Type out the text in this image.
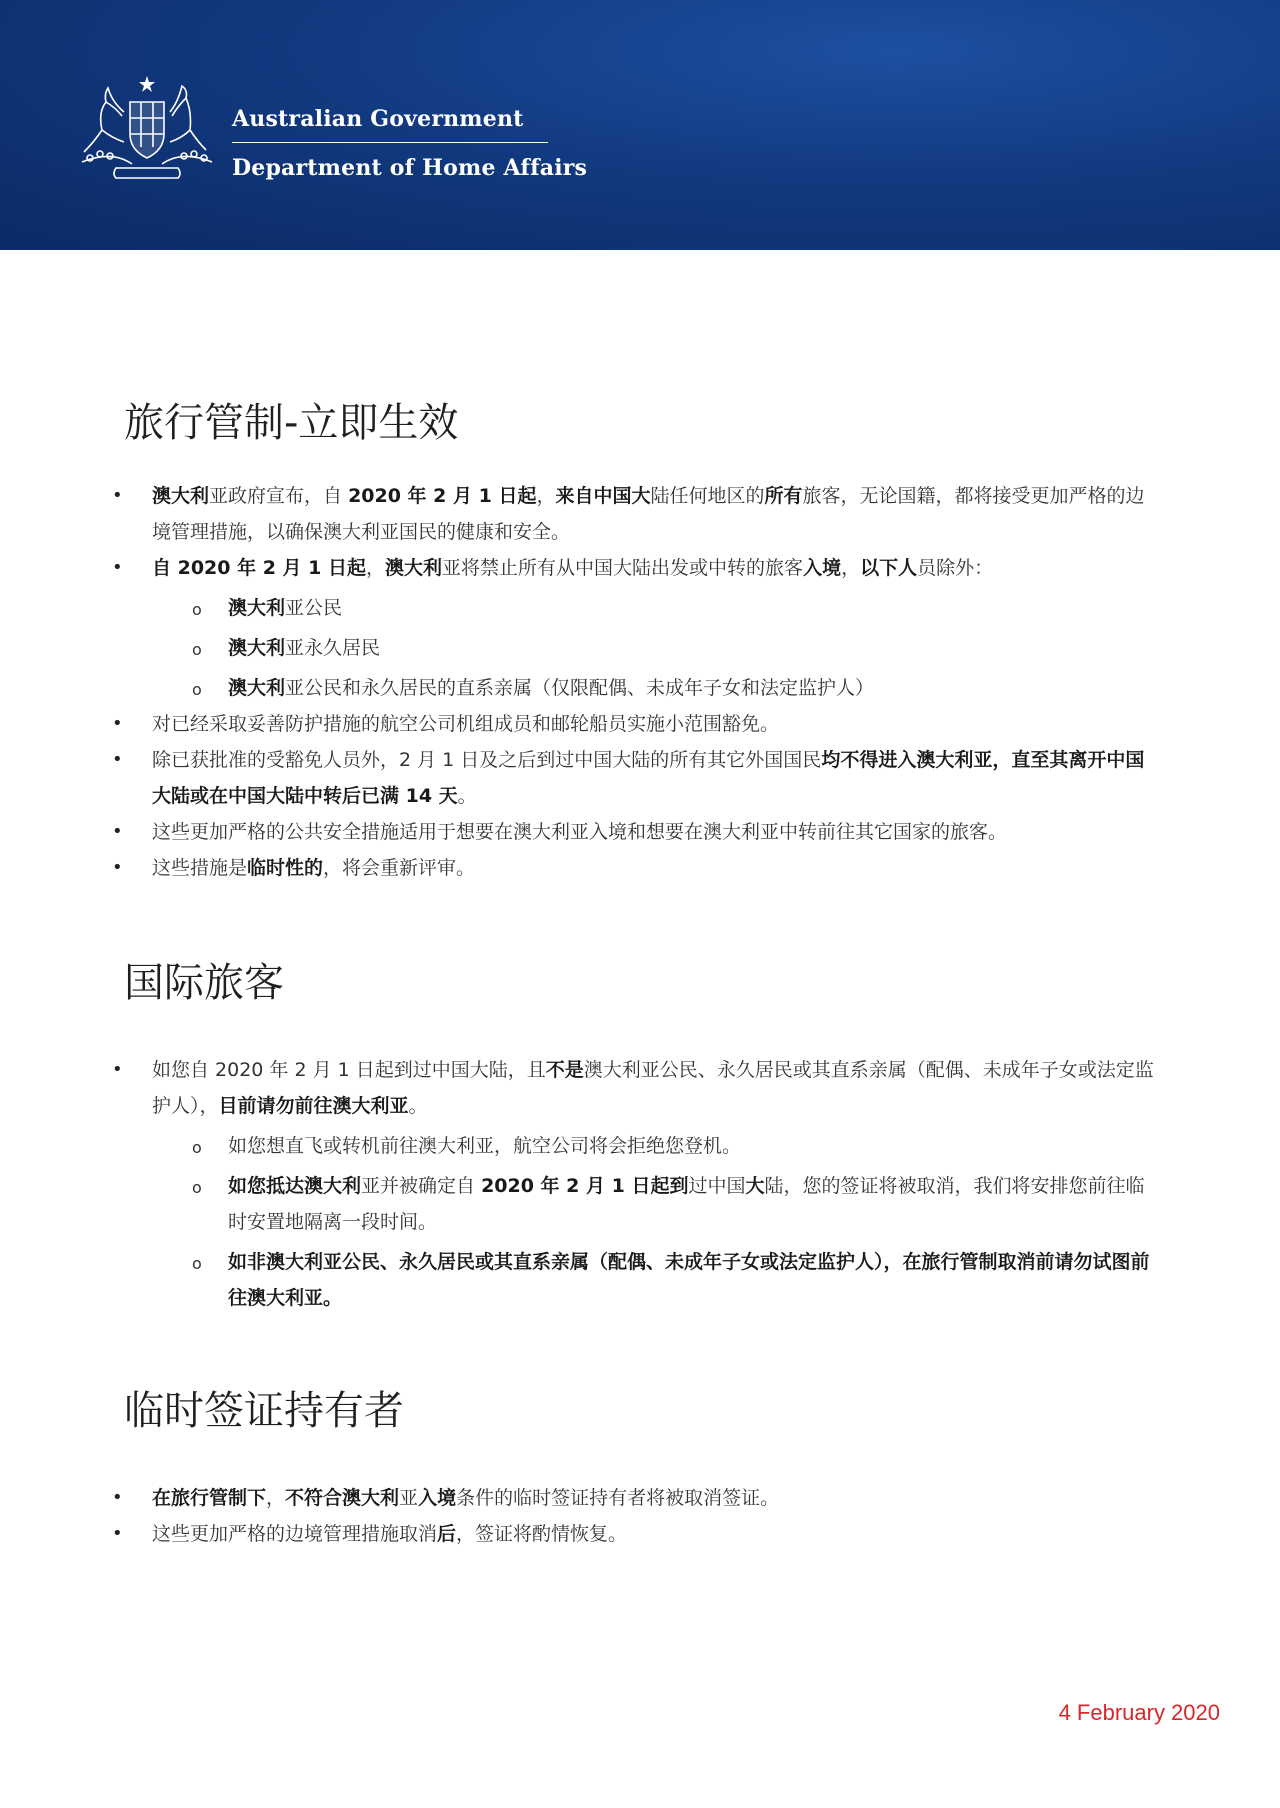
Australian Government
Department of Home Affairs
旅行管制-立即生效
• 澳大利亚政府宣布，自 2020 年 2 月 1 日起，来自中国大陆任何地区的所有旅客，无论国籍，都将接受更加严格的边境管理措施，以确保澳大利亚国民的健康和安全。
• 自 2020 年 2 月 1 日起，澳大利亚将禁止所有从中国大陆出发或中转的旅客入境，以下人员除外：
o 澳大利亚公民
o 澳大利亚永久居民
o 澳大利亚公民和永久居民的直系亲属（仅限配偶、未成年子女和法定监护人）
• 对已经采取妥善防护措施的航空公司机组成员和邮轮船员实施小范围豁免。
• 除已获批准的受豁免人员外，2 月 1 日及之后到过中国大陆的所有其它外国国民均不得进入澳大利亚，直至其离开中国大陆或在中国大陆中转后已满 14 天。
• 这些更加严格的公共安全措施适用于想要在澳大利亚入境和想要在澳大利亚中转前往其它国家的旅客。
• 这些措施是临时性的，将会重新评审。
国际旅客
• 如您自 2020 年 2 月 1 日起到过中国大陆，且不是澳大利亚公民、永久居民或其直系亲属（配偶、未成年子女或法定监护人），目前请勿前往澳大利亚。
o 如您想直飞或转机前往澳大利亚，航空公司将会拒绝您登机。
o 如您抵达澳大利亚并被确定自 2020 年 2 月 1 日起到过中国大陆，您的签证将被取消，我们将安排您前往临时安置地隔离一段时间。
o 如非澳大利亚公民、永久居民或其直系亲属（配偶、未成年子女或法定监护人），在旅行管制取消前请勿试图前往澳大利亚。
临时签证持有者
• 在旅行管制下，不符合澳大利亚入境条件的临时签证持有者将被取消签证。
• 这些更加严格的边境管理措施取消后，签证将酌情恢复。
4 February 2020
